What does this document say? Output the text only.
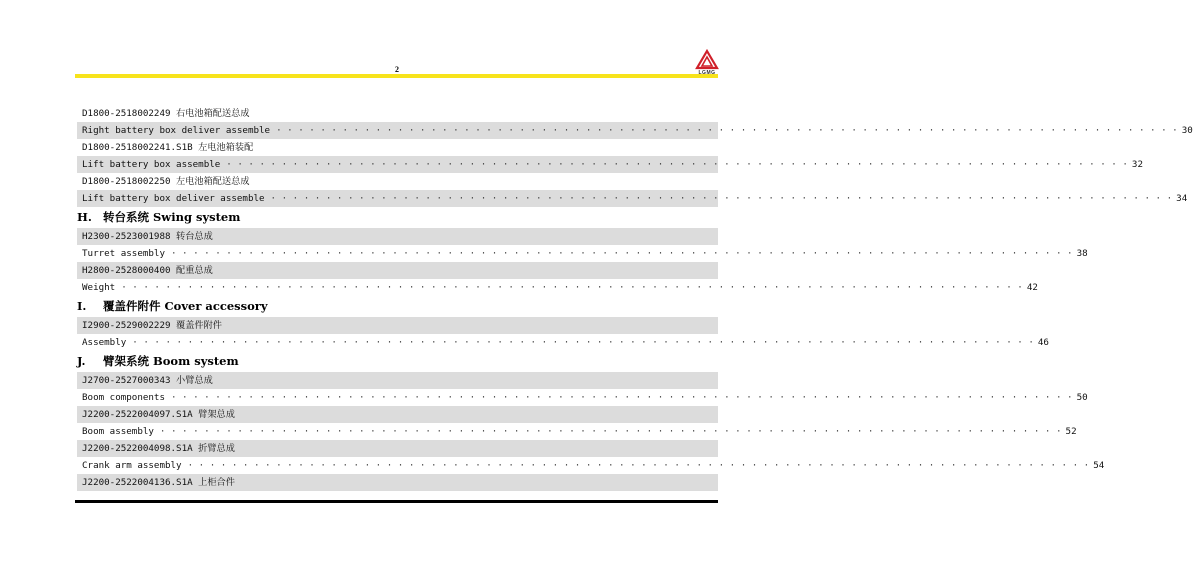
2	LGMG
D1800-2518002249 右电池箱配送总成
Right battery box deliver assemble · · · · · · · · · · · · · · · · · · · · · · · · · · · · · · · · · · · · · · · · · · · · · · · · · · · · · · · · · · · · · · · · · · · · · · · · · · · · · · · · · · 30
D1800-2518002241.S1B 左电池箱装配
Lift battery box assemble · · · · · · · · · · · · · · · · · · · · · · · · · · · · · · · · · · · · · · · · · · · · · · · · · · · · · · · · · · · · · · · · · · · · · · · · · · · · · · · · · · 32
D1800-2518002250 左电池箱配送总成
Lift battery box deliver assemble · · · · · · · · · · · · · · · · · · · · · · · · · · · · · · · · · · · · · · · · · · · · · · · · · · · · · · · · · · · · · · · · · · · · · · · · · · · · · · · · · · 34
H. 转台系统 Swing system
H2300-2523001988 转台总成
Turret assembly · · · · · · · · · · · · · · · · · · · · · · · · · · · · · · · · · · · · · · · · · · · · · · · · · · · · · · · · · · · · · · · · · · · · · · · · · · · · · · · · · · 38
H2800-2528000400 配重总成
Weight · · · · · · · · · · · · · · · · · · · · · · · · · · · · · · · · · · · · · · · · · · · · · · · · · · · · · · · · · · · · · · · · · · · · · · · · · · · · · · · · · · 42
I. 覆盖件附件 Cover accessory
I2900-2529002229 覆盖件附件
Assembly · · · · · · · · · · · · · · · · · · · · · · · · · · · · · · · · · · · · · · · · · · · · · · · · · · · · · · · · · · · · · · · · · · · · · · · · · · · · · · · · · · 46
J. 臂架系统 Boom system
J2700-2527000343 小臂总成
Boom components · · · · · · · · · · · · · · · · · · · · · · · · · · · · · · · · · · · · · · · · · · · · · · · · · · · · · · · · · · · · · · · · · · · · · · · · · · · · · · · · · · 50
J2200-2522004097.S1A 臂架总成
Boom assembly · · · · · · · · · · · · · · · · · · · · · · · · · · · · · · · · · · · · · · · · · · · · · · · · · · · · · · · · · · · · · · · · · · · · · · · · · · · · · · · · · · 52
J2200-2522004098.S1A 折臂总成
Crank arm assembly · · · · · · · · · · · · · · · · · · · · · · · · · · · · · · · · · · · · · · · · · · · · · · · · · · · · · · · · · · · · · · · · · · · · · · · · · · · · · · · · · · 54
J2200-2522004136.S1A 上柜合件
